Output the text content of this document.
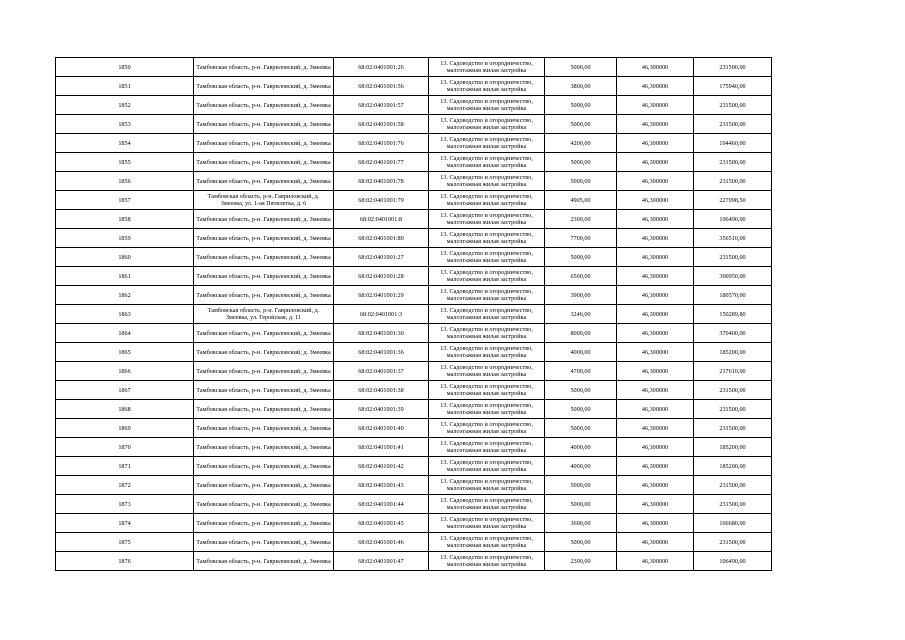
1850	Тамбовская область, р-н. Гавриловский, д. Змеевка	68:02:0401001:26	13. Садоводство и огородничество, малоэтажная жилая застройка	5000,00	46,300000	231500,00
1851	Тамбовская область, р-н. Гавриловский, д. Змеевка	68:02:0401001:56	13. Садоводство и огородничество, малоэтажная жилая застройка	3800,00	46,300000	175940,00
1852	Тамбовская область, р-н. Гавриловский, д. Змеевка	68:02:0401001:57	13. Садоводство и огородничество, малоэтажная жилая застройка	5000,00	46,300000	231500,00
1853	Тамбовская область, р-н. Гавриловский, д. Змеевка	68:02:0401001:58	13. Садоводство и огородничество, малоэтажная жилая застройка	5000,00	46,300000	231500,00
1854	Тамбовская область, р-н. Гавриловский, д. Змеевка	68:02:0401001:76	13. Садоводство и огородничество, малоэтажная жилая застройка	4200,00	46,300000	194460,00
1855	Тамбовская область, р-н. Гавриловский, д. Змеевка	68:02:0401001:77	13. Садоводство и огородничество, малоэтажная жилая застройка	5000,00	46,300000	231500,00
1856	Тамбовская область, р-н. Гавриловский, д. Змеевка	68:02:0401001:78	13. Садоводство и огородничество, малоэтажная жилая застройка	5000,00	46,300000	231500,00
1857	Тамбовская область, р-н. Гавриловский, д. Змеевка, ул. 1-ая Пятилетка, д. 6	68:02:0401001:79	13. Садоводство и огородничество, малоэтажная жилая застройка	4905,00	46,300000	227098,50
1858	Тамбовская область, р-н. Гавриловский, д. Змеевка	68:02:0401001:8	13. Садоводство и огородничество, малоэтажная жилая застройка	2300,00	46,300000	106490,00
1859	Тамбовская область, р-н. Гавриловский, д. Змеевка	68:02:0401001:80	13. Садоводство и огородничество, малоэтажная жилая застройка	7700,00	46,300000	356510,00
1860	Тамбовская область, р-н. Гавриловский, д. Змеевка	68:02:0401001:27	13. Садоводство и огородничество, малоэтажная жилая застройка	5000,00	46,300000	231500,00
1861	Тамбовская область, р-н. Гавриловский, д. Змеевка	68:02:0401001:28	13. Садоводство и огородничество, малоэтажная жилая застройка	6500,00	46,300000	300950,00
1862	Тамбовская область, р-н. Гавриловский, д. Змеевка	68:02:0401001:29	13. Садоводство и огородничество, малоэтажная жилая застройка	3900,00	46,300000	180570,00
1863	Тамбовская область, р-н. Гавриловский, д. Змеевка, ул. Геройская, д. 11	68:02:0401001:3	13. Садоводство и огородничество, малоэтажная жилая застройка	3246,00	46,300000	150289,80
1864	Тамбовская область, р-н. Гавриловский, д. Змеевка	68:02:0401001:30	13. Садоводство и огородничество, малоэтажная жилая застройка	8000,00	46,300000	370400,00
1865	Тамбовская область, р-н. Гавриловский, д. Змеевка	68:02:0401001:36	13. Садоводство и огородничество, малоэтажная жилая застройка	4000,00	46,300000	185200,00
1866	Тамбовская область, р-н. Гавриловский, д. Змеевка	68:02:0401001:37	13. Садоводство и огородничество, малоэтажная жилая застройка	4700,00	46,300000	217610,00
1867	Тамбовская область, р-н. Гавриловский, д. Змеевка	68:02:0401001:38	13. Садоводство и огородничество, малоэтажная жилая застройка	5000,00	46,300000	231500,00
1868	Тамбовская область, р-н. Гавриловский, д. Змеевка	68:02:0401001:39	13. Садоводство и огородничество, малоэтажная жилая застройка	5000,00	46,300000	231500,00
1869	Тамбовская область, р-н. Гавриловский, д. Змеевка	68:02:0401001:40	13. Садоводство и огородничество, малоэтажная жилая застройка	5000,00	46,300000	231500,00
1870	Тамбовская область, р-н. Гавриловский, д. Змеевка	68:02:0401001:41	13. Садоводство и огородничество, малоэтажная жилая застройка	4000,00	46,300000	185200,00
1871	Тамбовская область, р-н. Гавриловский, д. Змеевка	68:02:0401001:42	13. Садоводство и огородничество, малоэтажная жилая застройка	4000,00	46,300000	185200,00
1872	Тамбовская область, р-н. Гавриловский, д. Змеевка	68:02:0401001:43	13. Садоводство и огородничество, малоэтажная жилая застройка	5000,00	46,300000	231500,00
1873	Тамбовская область, р-н. Гавриловский, д. Змеевка	68:02:0401001:44	13. Садоводство и огородничество, малоэтажная жилая застройка	5000,00	46,300000	231500,00
1874	Тамбовская область, р-н. Гавриловский, д. Змеевка	68:02:0401001:45	13. Садоводство и огородничество, малоэтажная жилая застройка	3600,00	46,300000	166680,00
1875	Тамбовская область, р-н. Гавриловский, д. Змеевка	68:02:0401001:46	13. Садоводство и огородничество, малоэтажная жилая застройка	5000,00	46,300000	231500,00
1876	Тамбовская область, р-н. Гавриловский, д. Змеевка	68:02:0401001:47	13. Садоводство и огородничество, малоэтажная жилая застройка	2300,00	46,300000	106490,00
